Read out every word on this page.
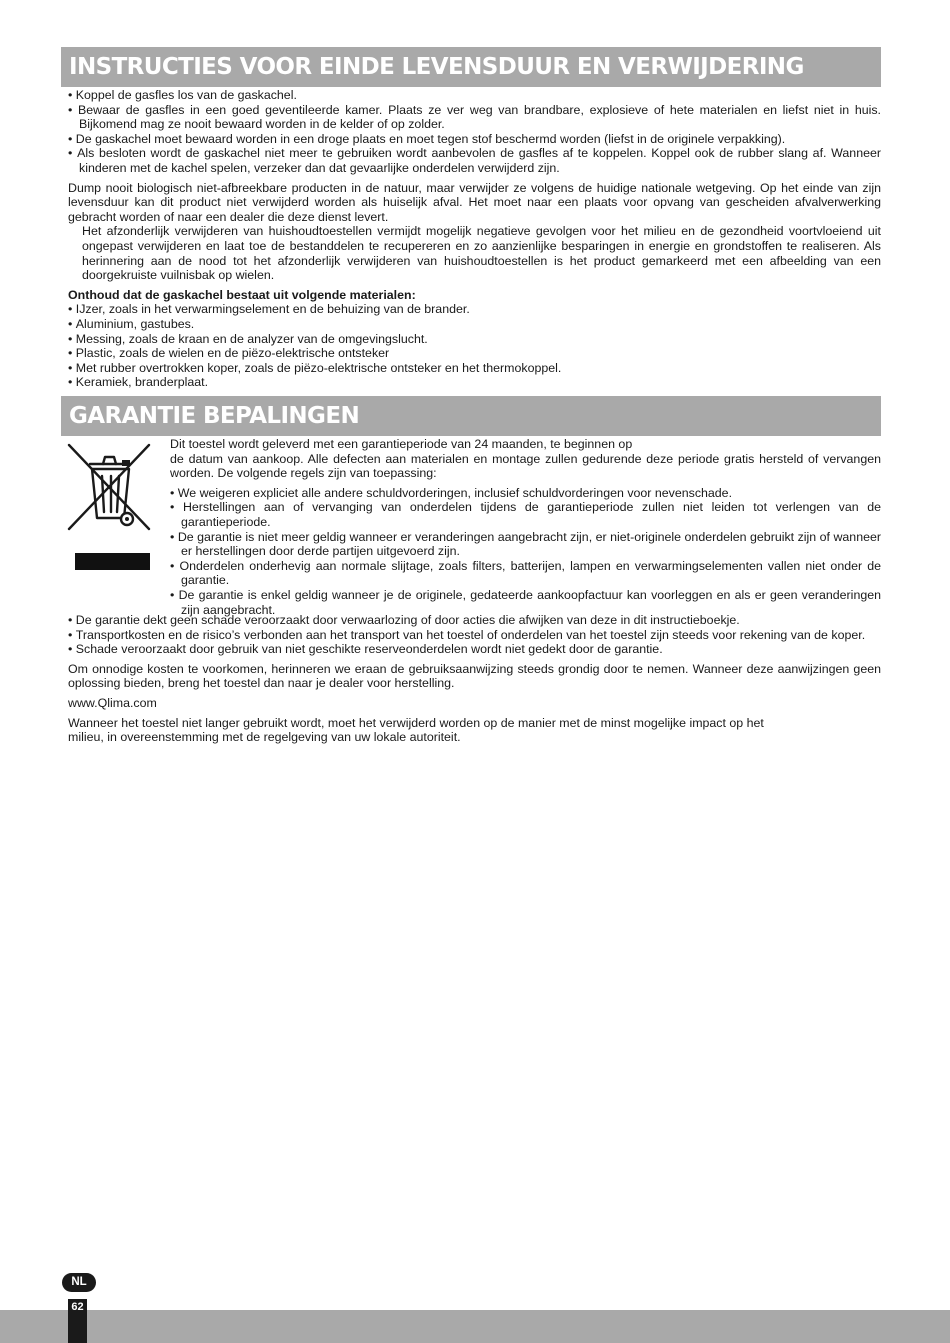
INSTRUCTIES VOOR EINDE LEVENSDUUR EN VERWIJDERING

• Koppel de gasfles los van de gaskachel.

• Bewaar de gasfles in een goed geventileerde kamer. Plaats ze ver weg van brandbare, explosieve of hete materialen en liefst niet in huis. Bijkomend mag ze nooit bewaard worden in de kelder of op zolder.

• De gaskachel moet bewaard worden in een droge plaats en moet tegen stof beschermd worden (liefst in de originele verpakking).

• Als besloten wordt de gaskachel niet meer te gebruiken wordt aanbevolen de gasfles af te koppelen. Koppel ook de rubber slang af. Wanneer kinderen met de kachel spelen, verzeker dan dat gevaarlijke onderdelen verwijderd zijn.

Dump nooit biologisch niet-afbreekbare producten in de natuur, maar verwijder ze volgens de huidige nationale wetgeving. Op het einde van zijn levensduur kan dit product niet verwijderd worden als huiselijk afval. Het moet naar een plaats voor opvang van gescheiden afvalverwerking gebracht worden of naar een dealer die deze dienst levert.

Het afzonderlijk verwijderen van huishoudtoestellen vermijdt mogelijk negatieve gevolgen voor het milieu en de gezondheid voortvloeiend uit ongepast verwijderen en laat toe de bestanddelen te recupereren en zo aanzienlijke besparingen in energie en grondstoffen te realiseren. Als herinnering aan de nood tot het afzonderlijk verwijderen van huishoudtoestellen is het product gemarkeerd met een afbeelding van een doorgekruiste vuilnisbak op wielen.

Onthoud dat de gaskachel bestaat uit volgende materialen:

• IJzer, zoals in het verwarmingselement en de behuizing van de brander.

• Aluminium, gastubes.

• Messing, zoals de kraan en de analyzer van de omgevingslucht.

• Plastic, zoals de wielen en de piëzo-elektrische ontsteker

• Met rubber overtrokken koper, zoals de piëzo-elektrische ontsteker en het thermokoppel.

• Keramiek, branderplaat.

GARANTIE BEPALINGEN

Dit toestel wordt geleverd met een garantieperiode van 24 maanden, te beginnen op

de datum van aankoop. Alle defecten aan materialen en montage zullen gedurende deze periode gratis hersteld of vervangen worden. De volgende regels zijn van toepassing:

• We weigeren expliciet alle andere schuldvorderingen, inclusief schuldvorderingen voor nevenschade.

• Herstellingen aan of vervanging van onderdelen tijdens de garantieperiode zullen niet leiden tot verlengen van de garantieperiode.

• De garantie is niet meer geldig wanneer er veranderingen aangebracht zijn, er niet-originele onderdelen gebruikt zijn of wanneer er herstellingen door derde partijen uitgevoerd zijn.

• Onderdelen onderhevig aan normale slijtage, zoals filters, batterijen, lampen en verwarmingselementen vallen niet onder de garantie.

• De garantie is enkel geldig wanneer je de originele, gedateerde aankoopfactuur kan voorleggen en als er geen veranderingen zijn aangebracht.

• De garantie dekt geen schade veroorzaakt door verwaarlozing of door acties die afwijken van deze in dit instructieboekje.

• Transportkosten en de risico’s verbonden aan het transport van het toestel of onderdelen van het toestel zijn steeds voor rekening van de koper.

• Schade veroorzaakt door gebruik van niet geschikte reserveonderdelen wordt niet gedekt door de garantie.

Om onnodige kosten te voorkomen, herinneren we eraan de gebruiksaanwijzing steeds grondig door te nemen. Wanneer deze aanwijzingen geen oplossing bieden, breng het toestel dan naar je dealer voor herstelling.

www.Qlima.com

Wanneer het toestel niet langer gebruikt wordt, moet het verwijderd worden op de manier met de minst mogelijke impact op het

milieu, in overeenstemming met de regelgeving van uw lokale autoriteit.

NL
62
